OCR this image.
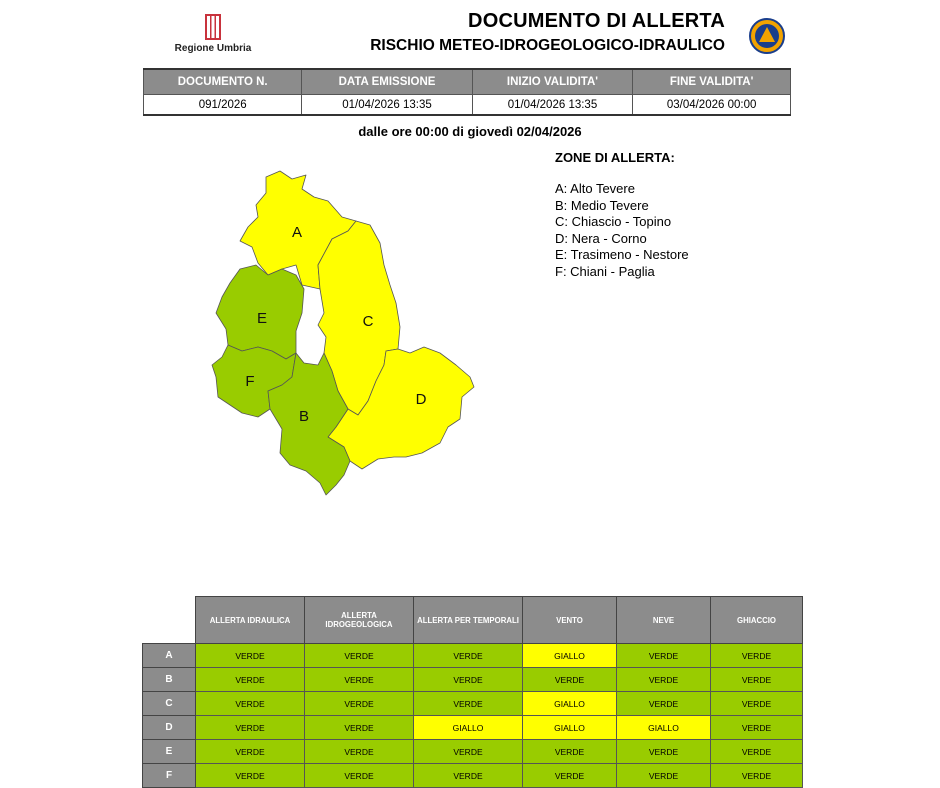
Regione Umbria
DOCUMENTO DI ALLERTA
RISCHIO METEO-IDROGEOLOGICO-IDRAULICO
DOCUMENTO N.	DATA EMISSIONE	INIZIO VALIDITA'	FINE VALIDITA'
091/2026	01/04/2026 13:35	01/04/2026 13:35	03/04/2026 00:00
dalle ore 00:00 di giovedì 02/04/2026
A
C
E
F
B
D
ZONE DI ALLERTA:
A: Alto Tevere
B: Medio Tevere
C: Chiascio - Topino
D: Nera - Corno
E: Trasimeno - Nestore
F: Chiani - Paglia
	ALLERTA IDRAULICA	ALLERTA IDROGEOLOGICA	ALLERTA PER TEMPORALI	VENTO	NEVE	GHIACCIO
A	VERDE	VERDE	VERDE	GIALLO	VERDE	VERDE
B	VERDE	VERDE	VERDE	VERDE	VERDE	VERDE
C	VERDE	VERDE	VERDE	GIALLO	VERDE	VERDE
D	VERDE	VERDE	GIALLO	GIALLO	GIALLO	VERDE
E	VERDE	VERDE	VERDE	VERDE	VERDE	VERDE
F	VERDE	VERDE	VERDE	VERDE	VERDE	VERDE
